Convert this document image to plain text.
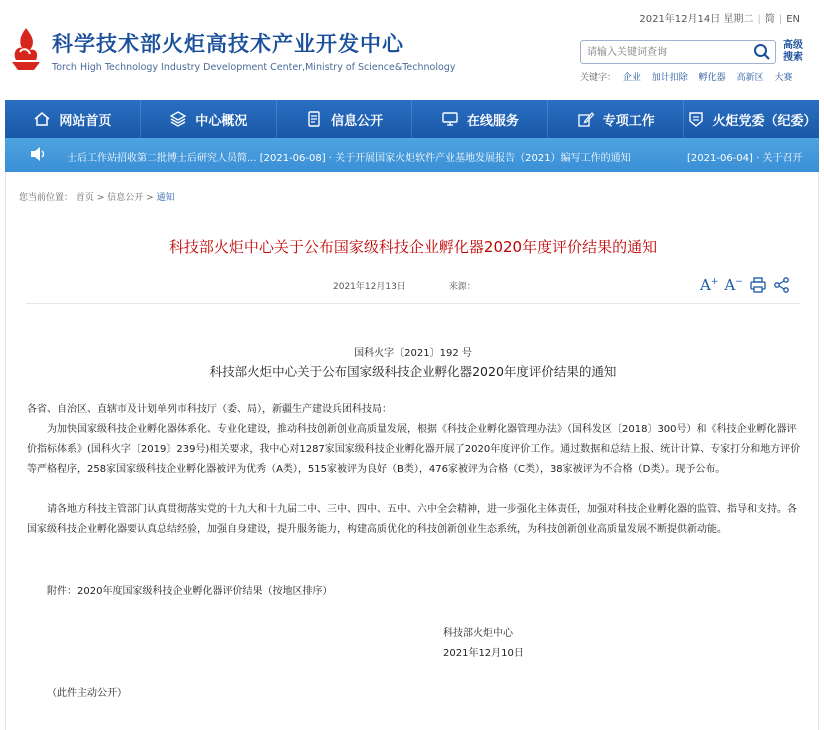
科学技术部火炬高技术产业开发中心
Torch High Technology Industry Development Center,Ministry of Science&Technology
2021年12月14日 星期二 | 简 | EN
请输入关键词查询
高级搜索
关键字： 企业 加计扣除 孵化器 高新区 大赛
网站首页	中心概况	信息公开	在线服务	专项工作	火炬党委（纪委）
士后工作站招收第二批博士后研究人员简... [2021-06-08] · 关于开展国家火炬软件产业基地发展报告（2021）编写工作的通知	[2021-06-04] · 关于召开
您当前位置： 首页 > 信息公开 > 通知
科技部火炬中心关于公布国家级科技企业孵化器2020年度评价结果的通知
2021年12月13日	来源：	A+ A−
国科火字〔2021〕192 号
科技部火炬中心关于公布国家级科技企业孵化器2020年度评价结果的通知
各省、自治区、直辖市及计划单列市科技厅（委、局），新疆生产建设兵团科技局：
为加快国家级科技企业孵化器体系化、专业化建设，推动科技创新创业高质量发展，根据《科技企业孵化器管理办法》（国科发区〔2018〕300号）和《科技企业孵化器评价指标体系》(国科火字〔2019〕239号)相关要求，我中心对1287家国家级科技企业孵化器开展了2020年度评价工作。通过数据和总结上报、统计计算、专家打分和地方评价等严格程序，258家国家级科技企业孵化器被评为优秀（A类），515家被评为良好（B类），476家被评为合格（C类），38家被评为不合格（D类）。现予公布。
请各地方科技主管部门认真贯彻落实党的十九大和十九届二中、三中、四中、五中、六中全会精神，进一步强化主体责任，加强对科技企业孵化器的监管、指导和支持。各国家级科技企业孵化器要认真总结经验，加强自身建设，提升服务能力，构建高质优化的科技创新创业生态系统，为科技创新创业高质量发展不断提供新动能。
附件：2020年度国家级科技企业孵化器评价结果（按地区排序）
科技部火炬中心
2021年12月10日
（此件主动公开）
